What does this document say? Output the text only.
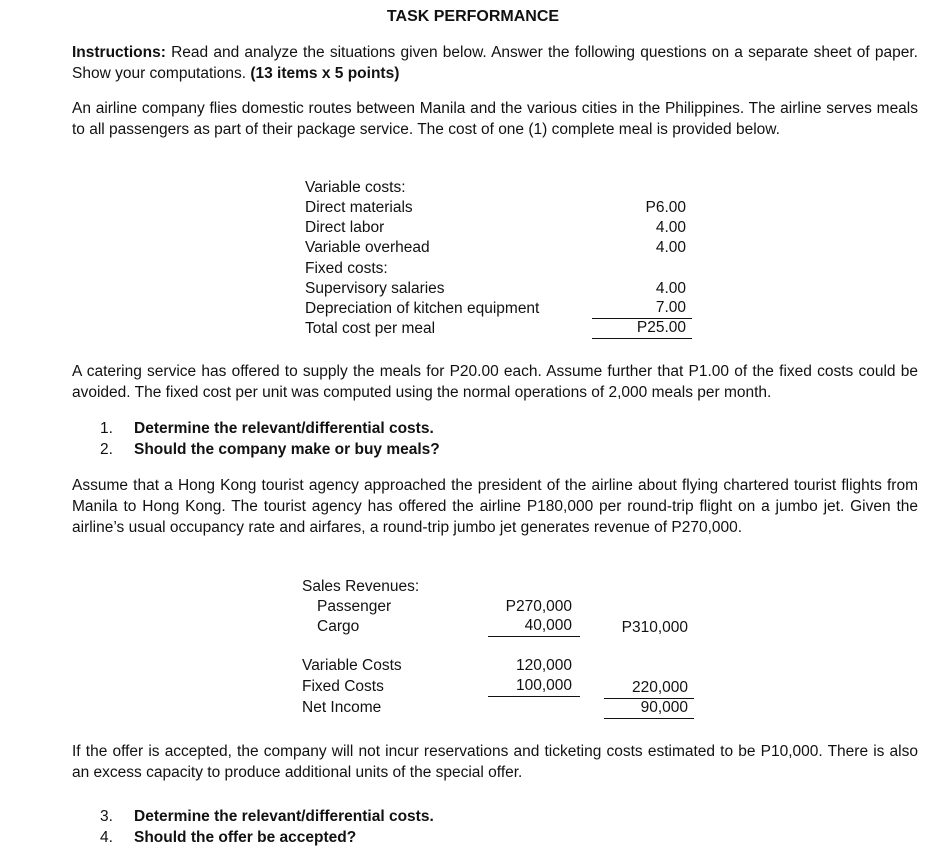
TASK PERFORMANCE
Instructions: Read and analyze the situations given below. Answer the following questions on a separate sheet of paper. Show your computations. (13 items x 5 points)
An airline company flies domestic routes between Manila and the various cities in the Philippines. The airline serves meals to all passengers as part of their package service. The cost of one (1) complete meal is provided below.
Variable costs:
Direct materials	P6.00
Direct labor	4.00
Variable overhead	4.00
Fixed costs:
Supervisory salaries	4.00
Depreciation of kitchen equipment	7.00
Total cost per meal	P25.00
A catering service has offered to supply the meals for P20.00 each. Assume further that P1.00 of the fixed costs could be avoided. The fixed cost per unit was computed using the normal operations of 2,000 meals per month.
1. Determine the relevant/differential costs.
2. Should the company make or buy meals?
Assume that a Hong Kong tourist agency approached the president of the airline about flying chartered tourist flights from Manila to Hong Kong. The tourist agency has offered the airline P180,000 per round-trip flight on a jumbo jet. Given the airline’s usual occupancy rate and airfares, a round-trip jumbo jet generates revenue of P270,000.
Sales Revenues:
Passenger	P270,000
Cargo	40,000	P310,000
Variable Costs	120,000
Fixed Costs	100,000	220,000
Net Income	90,000
If the offer is accepted, the company will not incur reservations and ticketing costs estimated to be P10,000. There is also an excess capacity to produce additional units of the special offer.
3. Determine the relevant/differential costs.
4. Should the offer be accepted?
